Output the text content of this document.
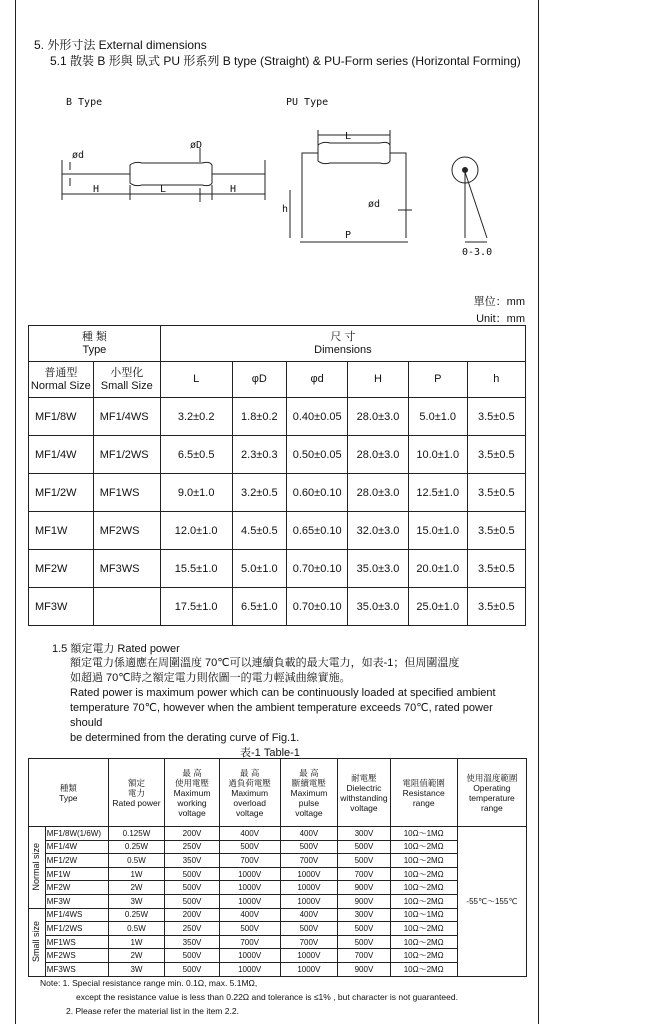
5. 外形寸法 External dimensions
5.1 散裝 B 形與 臥式 PU 形系列 B type (Straight) & PU-Form series (Horizontal Forming)
B Type	PU Type
ød
øD
H	L	H
L
h	ød
P
0-3.0
單位：mm
Unit：mm
種 類
Type		尺 寸
Dimensions					
普通型
Normal Size	小型化
Small Size	L	φD	φd	H	P	h
MF1/8W	MF1/4WS	3.2±0.2	1.8±0.2	0.40±0.05	28.0±3.0	5.0±1.0	3.5±0.5
MF1/4W	MF1/2WS	6.5±0.5	2.3±0.3	0.50±0.05	28.0±3.0	10.0±1.0	3.5±0.5
MF1/2W	MF1WS	9.0±1.0	3.2±0.5	0.60±0.10	28.0±3.0	12.5±1.0	3.5±0.5
MF1W	MF2WS	12.0±1.0	4.5±0.5	0.65±0.10	32.0±3.0	15.0±1.0	3.5±0.5
MF2W	MF3WS	15.5±1.0	5.0±1.0	0.70±0.10	35.0±3.0	20.0±1.0	3.5±0.5
MF3W		17.5±1.0	6.5±1.0	0.70±0.10	35.0±3.0	25.0±1.0	3.5±0.5
1.5 額定電力 Rated power
額定電力係適應在周圍溫度 70℃可以連續負載的最大電力，如表-1；但周圍溫度
如超過 70℃時之額定電力則依圖一的電力輕減曲線實施。
Rated power is maximum power which can be continuously loaded at specified ambient
temperature 70℃, however when the ambient temperature exceeds 70℃, rated power should
be determined from the derating curve of Fig.1.
表-1 Table-1
種類
Type		額定
電力
Rated power	最 高
使用電壓
Maximum
working
voltage	最 高
過負荷電壓
Maximum
overload
voltage	最 高
斷續電壓
Maximum
pulse
voltage	耐電壓
Dielectric
withstanding
voltage	電阻值範圍
Resistance
range	使用溫度範圍
Operating
temperature
range
Normal size	MF1/8W(1/6W)	0.125W	200V	400V	400V	300V	10Ω～1MΩ	-55℃～155℃
	MF1/4W	0.25W	250V	500V	500V	500V	10Ω～2MΩ	
	MF1/2W	0.5W	350V	700V	700V	500V	10Ω～2MΩ	
	MF1W	1W	500V	1000V	1000V	700V	10Ω～2MΩ	
	MF2W	2W	500V	1000V	1000V	900V	10Ω～2MΩ	
	MF3W	3W	500V	1000V	1000V	900V	10Ω～2MΩ	
Small size	MF1/4WS	0.25W	200V	400V	400V	300V	10Ω～1MΩ	
	MF1/2WS	0.5W	250V	500V	500V	500V	10Ω～2MΩ	
	MF1WS	1W	350V	700V	700V	500V	10Ω～2MΩ	
	MF2WS	2W	500V	1000V	1000V	700V	10Ω～2MΩ	
	MF3WS	3W	500V	1000V	1000V	900V	10Ω～2MΩ	
Note: 1. Special resistance range min. 0.1Ω, max. 5.1MΩ,
except the resistance value is less than 0.22Ω and tolerance is ≤1% , but character is not guaranteed.
2. Please refer the material list in the item 2.2.
